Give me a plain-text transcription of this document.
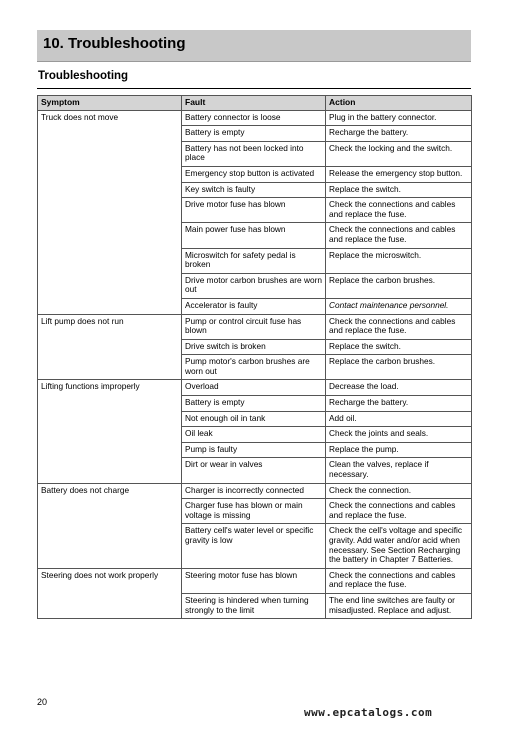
10. Troubleshooting
Troubleshooting
Symptom	Fault	Action
Truck does not move	Battery connector is loose	Plug in the battery connector.
	Battery is empty	Recharge the battery.
	Battery has not been locked into place	Check the locking and the switch.
	Emergency stop button is activated	Release the emergency stop button.
	Key switch is faulty	Replace the switch.
	Drive motor fuse has blown	Check the connections and cables and replace the fuse.
	Main power fuse has blown	Check the connections and cables and replace the fuse.
	Microswitch for safety pedal is broken	Replace the microswitch.
	Drive motor carbon brushes are worn out	Replace the carbon brushes.
	Accelerator is faulty	Contact maintenance personnel.
Lift pump does not run	Pump or control circuit fuse has blown	Check the connections and cables and replace the fuse.
	Drive switch is broken	Replace the switch.
	Pump motor's carbon brushes are worn out	Replace the carbon brushes.
Lifting functions improperly	Overload	Decrease the load.
	Battery is empty	Recharge the battery.
	Not enough oil in tank	Add oil.
	Oil leak	Check the joints and seals.
	Pump is faulty	Replace the pump.
	Dirt or wear in valves	Clean the valves, replace if necessary.
Battery does not charge	Charger is incorrectly connected	Check the connection.
	Charger fuse has blown or main voltage is missing	Check the connections and cables and replace the fuse.
	Battery cell's water level or specific gravity is low	Check the cell's voltage and specific gravity. Add water and/or acid when necessary. See Section Recharging the battery in Chapter 7 Batteries.
Steering does not work properly	Steering motor fuse has blown	Check the connections and cables and replace the fuse.
	Steering is hindered when turning strongly to the limit	The end line switches are faulty or misadjusted. Replace and adjust.
20
www.epcatalogs.com
